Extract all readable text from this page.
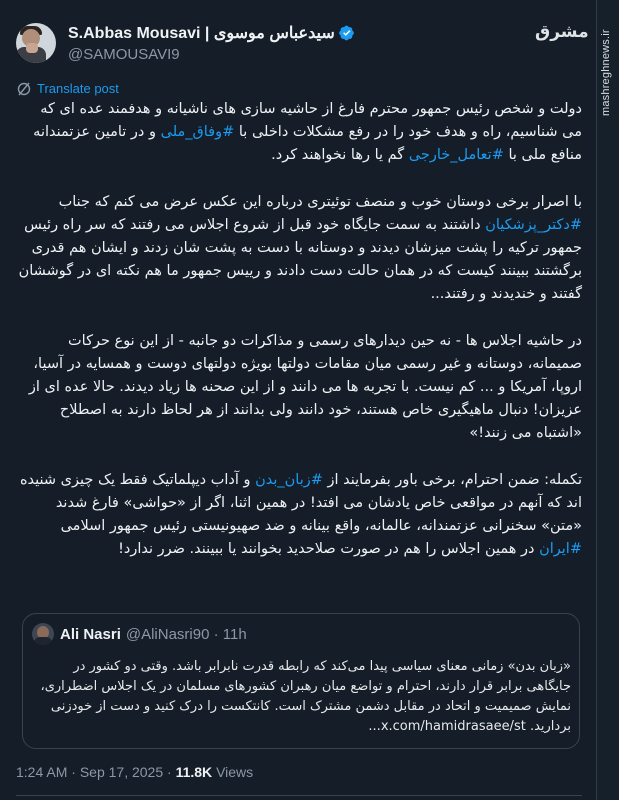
mashreghnews.ir
مشرق
S.Abbas Mousavi | سیدعباس موسوی
@SAMOUSAVI9
Translate post

دولت و شخص رئیس جمهور محترم فارغ از حاشیه سازی های ناشیانه و هدفمند عده ای که می شناسیم، راه و هدف خود را در رفع مشکلات داخلی با #وفاق_ملی و در تامین عزتمندانه منافع ملی با #تعامل_خارجی گم یا رها نخواهند کرد.

با اصرار برخی دوستان خوب و منصف توئیتری درباره این عکس عرض می کنم که جناب #دکتر_پزشکیان داشتند به سمت جایگاه خود قبل از شروع اجلاس می رفتند که سر راه رئیس جمهور ترکیه را پشت میزشان دیدند و دوستانه با دست به پشت شان زدند و ایشان هم قدری برگشتند ببینند کیست که در همان حالت دست دادند و رییس جمهور ما هم نکته ای در گوششان گفتند و خندیدند و رفتند...

در حاشیه اجلاس ها - نه حین دیدارهای رسمی و مذاکرات دو جانبه - از این نوع حرکات صمیمانه، دوستانه و غیر رسمی میان مقامات دولتها بویژه دولتهای دوست و همسایه در آسیا، اروپا، آمریکا و ... کم نیست. با تجربه ها می دانند و از این صحنه ها زیاد دیدند. حالا عده ای از عزیزان! دنبال ماهیگیری خاص هستند، خود دانند ولی بدانند از هر لحاظ دارند به اصطلاح «اشتباه می زنند!»

تکمله: ضمن احترام، برخی باور بفرمایند از #زبان_بدن و آداب دیپلماتیک فقط یک چیزی شنیده اند که آنهم در مواقعی خاص یادشان می افتد! در همین اثنا، اگر از «حواشی» فارغ شدند «متن» سخنرانی عزتمندانه، عالمانه، واقع بینانه و ضد صهیونیستی رئیس جمهور اسلامی #ایران در همین اجلاس را هم در صورت صلاحدید بخوانند یا ببینند. ضرر ندارد!

Ali Nasri @AliNasri90 · 11h
«زبان بدن» زمانی معنای سیاسی پیدا می‌کند که رابطه قدرت نابرابر باشد. وقتی دو کشور در جایگاهی برابر قرار دارند، احترام و تواضع میان رهبران کشورهای مسلمان در یک اجلاس اضطراری، نمایش صمیمیت و اتحاد در مقابل دشمن مشترک است. کانتکست را درک کنید و دست از خودزنی بردارید. x.com/hamidrasaee/st...
1:24 AM · Sep 17, 2025 · 11.8K Views
